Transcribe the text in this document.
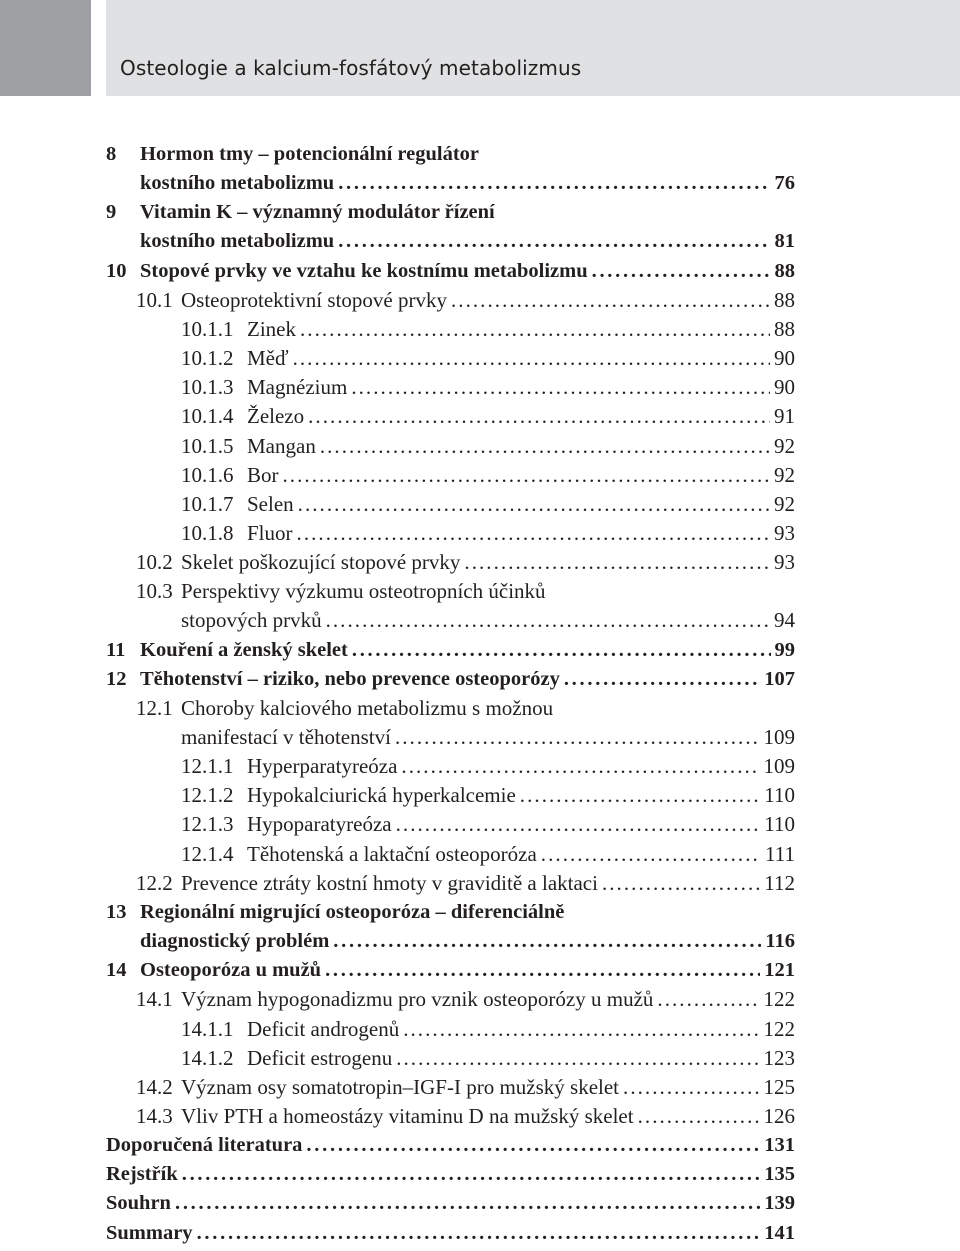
Osteologie a kalcium-fosfátový metabolizmus
8	Hormon tmy – potencionální regulátor
kostního metabolizmu . . .	76
9	Vitamin K – významný modulátor řízení
kostního metabolizmu . . .	81
10 Stopové prvky ve vztahu ke kostnímu metabolizmu . . .	88
10.1 Osteoprotektivní stopové prvky . . .	88
10.1.1 Zinek . . .	88
10.1.2 Měď . . .	90
10.1.3 Magnézium . . .	90
10.1.4 Železo . . .	91
10.1.5 Mangan . . .	92
10.1.6 Bor . . .	92
10.1.7 Selen . . .	92
10.1.8 Fluor . . .	93
10.2 Skelet poškozující stopové prvky . . .	93
10.3 Perspektivy výzkumu osteotropních účinků
stopových prvků . . .	94
11 Kouření a ženský skelet . . .	99
12 Těhotenství – riziko, nebo prevence osteoporózy . . .	107
12.1 Choroby kalciového metabolizmu s možnou
manifestací v těhotenství . . .	109
12.1.1 Hyperparatyreóza . . .	109
12.1.2 Hypokalciurická hyperkalcemie . . .	110
12.1.3 Hypoparatyreóza . . .	110
12.1.4 Těhotenská a laktační osteoporóza . . .	111
12.2 Prevence ztráty kostní hmoty v graviditě a laktaci . . .	112
13 Regionální migrující osteoporóza – diferenciálně
diagnostický problém . . .	116
14 Osteoporóza u mužů . . .	121
14.1 Význam hypogonadizmu pro vznik osteoporózy u mužů . . .	122
14.1.1 Deficit androgenů . . .	122
14.1.2 Deficit estrogenu . . .	123
14.2 Význam osy somatotropin–IGF-I pro mužský skelet . . .	125
14.3 Vliv PTH a homeostázy vitaminu D na mužský skelet . . .	126
Doporučená literatura . . .	131
Rejstřík . . .	135
Souhrn . . .	139
Summary . . .	141
